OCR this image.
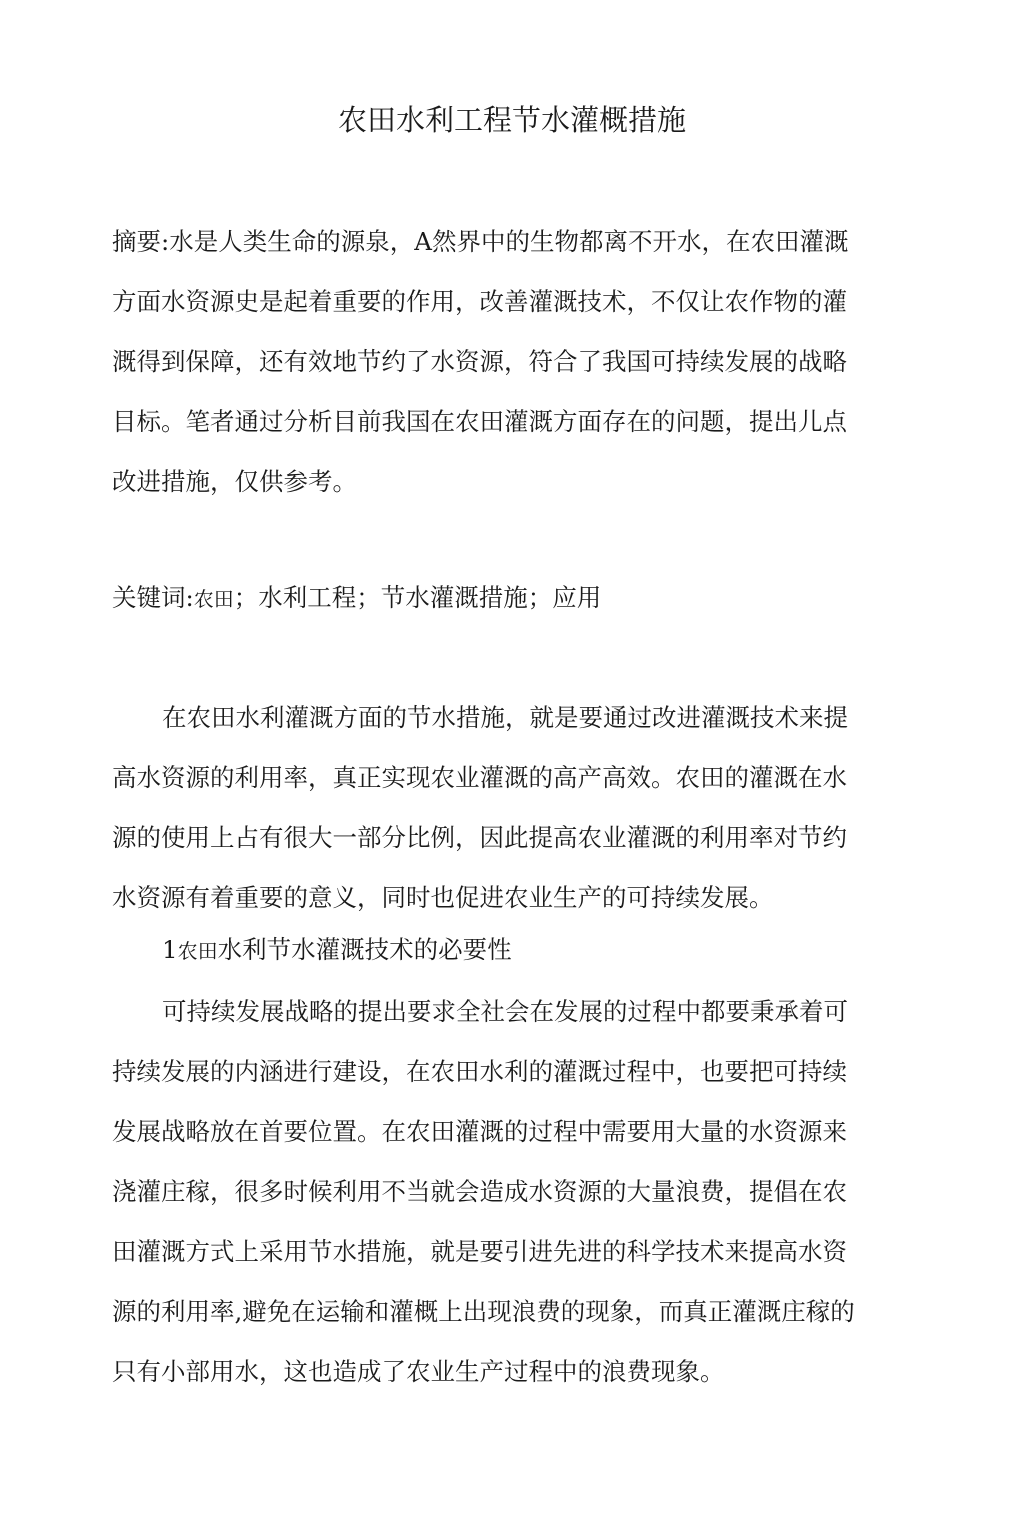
农田水利工程节水灌概措施

摘要:水是人类生命的源泉，A然界中的生物都离不开水，在农田灌溉方面水资源史是起着重要的作用，改善灌溉技术，不仅让农作物的灌溉得到保障，还有效地节约了水资源，符合了我国可持续发展的战略目标。笔者通过分析目前我国在农田灌溉方面存在的问题，提出儿点改进措施，仅供参考。

关键词:农田；水利工程；节水灌溉措施；应用

在农田水利灌溉方面的节水措施，就是要通过改进灌溉技术来提高水资源的利用率，真正实现农业灌溉的高产高效。农田的灌溉在水源的使用上占有很大一部分比例，因此提高农业灌溉的利用率对节约水资源有着重要的意义，同时也促进农业生产的可持续发展。

1农田水利节水灌溉技术的必要性

可持续发展战略的提出要求全社会在发展的过程中都要秉承着可持续发展的内涵进行建设，在农田水利的灌溉过程中，也要把可持续发展战略放在首要位置。在农田灌溉的过程中需要用大量的水资源来浇灌庄稼，很多时候利用不当就会造成水资源的大量浪费，提倡在农田灌溉方式上采用节水措施，就是要引进先进的科学技术来提高水资源的利用率,避免在运输和灌概上出现浪费的现象，而真正灌溉庄稼的只有小部用水，这也造成了农业生产过程中的浪费现象。
